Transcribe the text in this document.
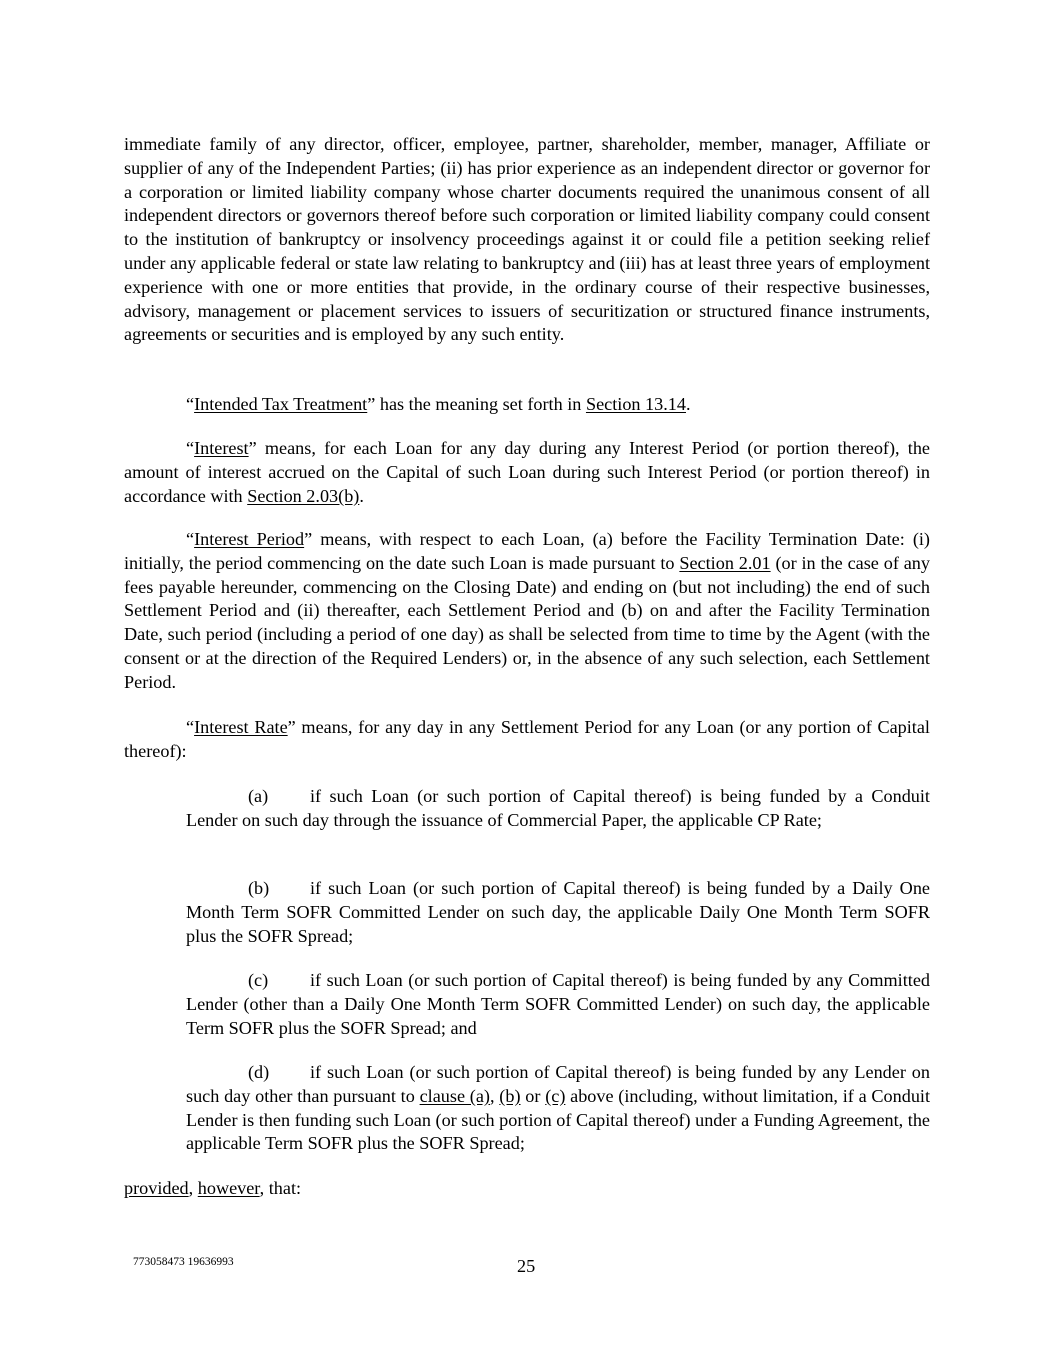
immediate family of any director, officer, employee, partner, shareholder, member, manager, Affiliate or supplier of any of the Independent Parties; (ii) has prior experience as an independent director or governor for a corporation or limited liability company whose charter documents required the unanimous consent of all independent directors or governors thereof before such corporation or limited liability company could consent to the institution of bankruptcy or insolvency proceedings against it or could file a petition seeking relief under any applicable federal or state law relating to bankruptcy and (iii) has at least three years of employment experience with one or more entities that provide, in the ordinary course of their respective businesses, advisory, management or placement services to issuers of securitization or structured finance instruments, agreements or securities and is employed by any such entity.

“Intended Tax Treatment” has the meaning set forth in Section 13.14.

“Interest” means, for each Loan for any day during any Interest Period (or portion thereof), the amount of interest accrued on the Capital of such Loan during such Interest Period (or portion thereof) in accordance with Section 2.03(b).

“Interest Period” means, with respect to each Loan, (a) before the Facility Termination Date: (i) initially, the period commencing on the date such Loan is made pursuant to Section 2.01 (or in the case of any fees payable hereunder, commencing on the Closing Date) and ending on (but not including) the end of such Settlement Period and (ii) thereafter, each Settlement Period and (b) on and after the Facility Termination Date, such period (including a period of one day) as shall be selected from time to time by the Agent (with the consent or at the direction of the Required Lenders) or, in the absence of any such selection, each Settlement Period.

“Interest Rate” means, for any day in any Settlement Period for any Loan (or any portion of Capital thereof):

(a) if such Loan (or such portion of Capital thereof) is being funded by a Conduit Lender on such day through the issuance of Commercial Paper, the applicable CP Rate;

(b) if such Loan (or such portion of Capital thereof) is being funded by a Daily One Month Term SOFR Committed Lender on such day, the applicable Daily One Month Term SOFR plus the SOFR Spread;

(c) if such Loan (or such portion of Capital thereof) is being funded by any Committed Lender (other than a Daily One Month Term SOFR Committed Lender) on such day, the applicable Term SOFR plus the SOFR Spread; and

(d) if such Loan (or such portion of Capital thereof) is being funded by any Lender on such day other than pursuant to clause (a), (b) or (c) above (including, without limitation, if a Conduit Lender is then funding such Loan (or such portion of Capital thereof) under a Funding Agreement, the applicable Term SOFR plus the SOFR Spread;

provided, however, that:

773058473 19636993	25
